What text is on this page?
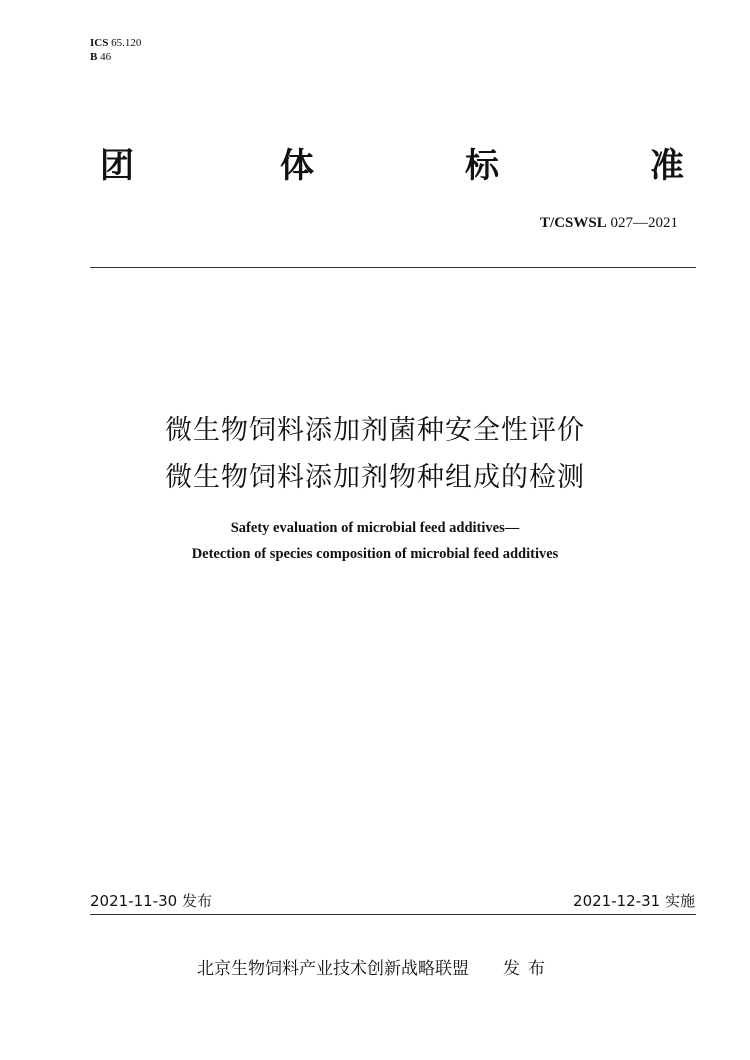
ICS 65.120
B 46
团	体	标	准
T/CSWSL 027—2021
微生物饲料添加剂菌种安全性评价
微生物饲料添加剂物种组成的检测
Safety evaluation of microbial feed additives—
Detection of species composition of microbial feed additives
2021-11-30 发布	2021-12-31 实施
北京生物饲料产业技术创新战略联盟 发布
